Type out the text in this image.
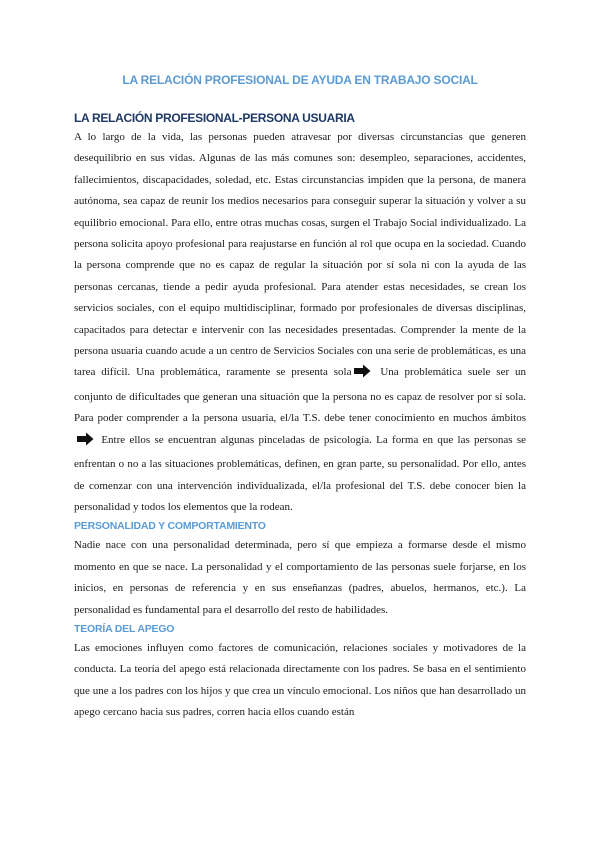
LA RELACIÓN PROFESIONAL DE AYUDA EN TRABAJO SOCIAL
LA RELACIÓN PROFESIONAL-PERSONA USUARIA

A lo largo de la vida, las personas pueden atravesar por diversas circunstancias que generen desequilibrio en sus vidas. Algunas de las más comunes son: desempleo, separaciones, accidentes, fallecimientos, discapacidades, soledad, etc. Estas circunstancias impiden que la persona, de manera autónoma, sea capaz de reunir los medios necesarios para conseguir superar la situación y volver a su equilibrio emocional. Para ello, entre otras muchas cosas, surgen el Trabajo Social individualizado. La persona solicita apoyo profesional para reajustarse en función al rol que ocupa en la sociedad. Cuando la persona comprende que no es capaz de regular la situación por sí sola ni con la ayuda de las personas cercanas, tiende a pedir ayuda profesional. Para atender estas necesidades, se crean los servicios sociales, con el equipo multidisciplinar, formado por profesionales de diversas disciplinas, capacitados para detectar e intervenir con las necesidades presentadas. Comprender la mente de la persona usuaria cuando acude a un centro de Servicios Sociales con una serie de problemáticas, es una tarea difícil. Una problemática, raramente se presenta sola	Una problemática suele ser un conjunto de dificultades que generan una situación que la persona no es capaz de resolver por sí sola. Para poder comprender a la persona usuaria, el/la T.S. debe tener conocimiento en muchos ámbitos Entre ellos se encuentran algunas pinceladas de psicología. La forma en que las personas se enfrentan o no a las situaciones problemáticas, definen, en gran parte, su personalidad. Por ello, antes de comenzar con una intervención individualizada, el/la profesional del T.S. debe conocer bien la personalidad y todos los elementos que la rodean.

PERSONALIDAD Y COMPORTAMIENTO

Nadie nace con una personalidad determinada, pero sí que empieza a formarse desde el mismo momento en que se nace. La personalidad y el comportamiento de las personas suele forjarse, en los inicios, en personas de referencia y en sus enseñanzas (padres, abuelos, hermanos, etc.). La personalidad es fundamental para el desarrollo del resto de habilidades.

TEORÍA DEL APEGO

Las emociones influyen como factores de comunicación, relaciones sociales y motivadores de la conducta. La teoría del apego está relacionada directamente con los padres. Se basa en el sentimiento que une a los padres con los hijos y que crea un vínculo emocional. Los niños que han desarrollado un apego cercano hacia sus padres, corren hacia ellos cuando están
